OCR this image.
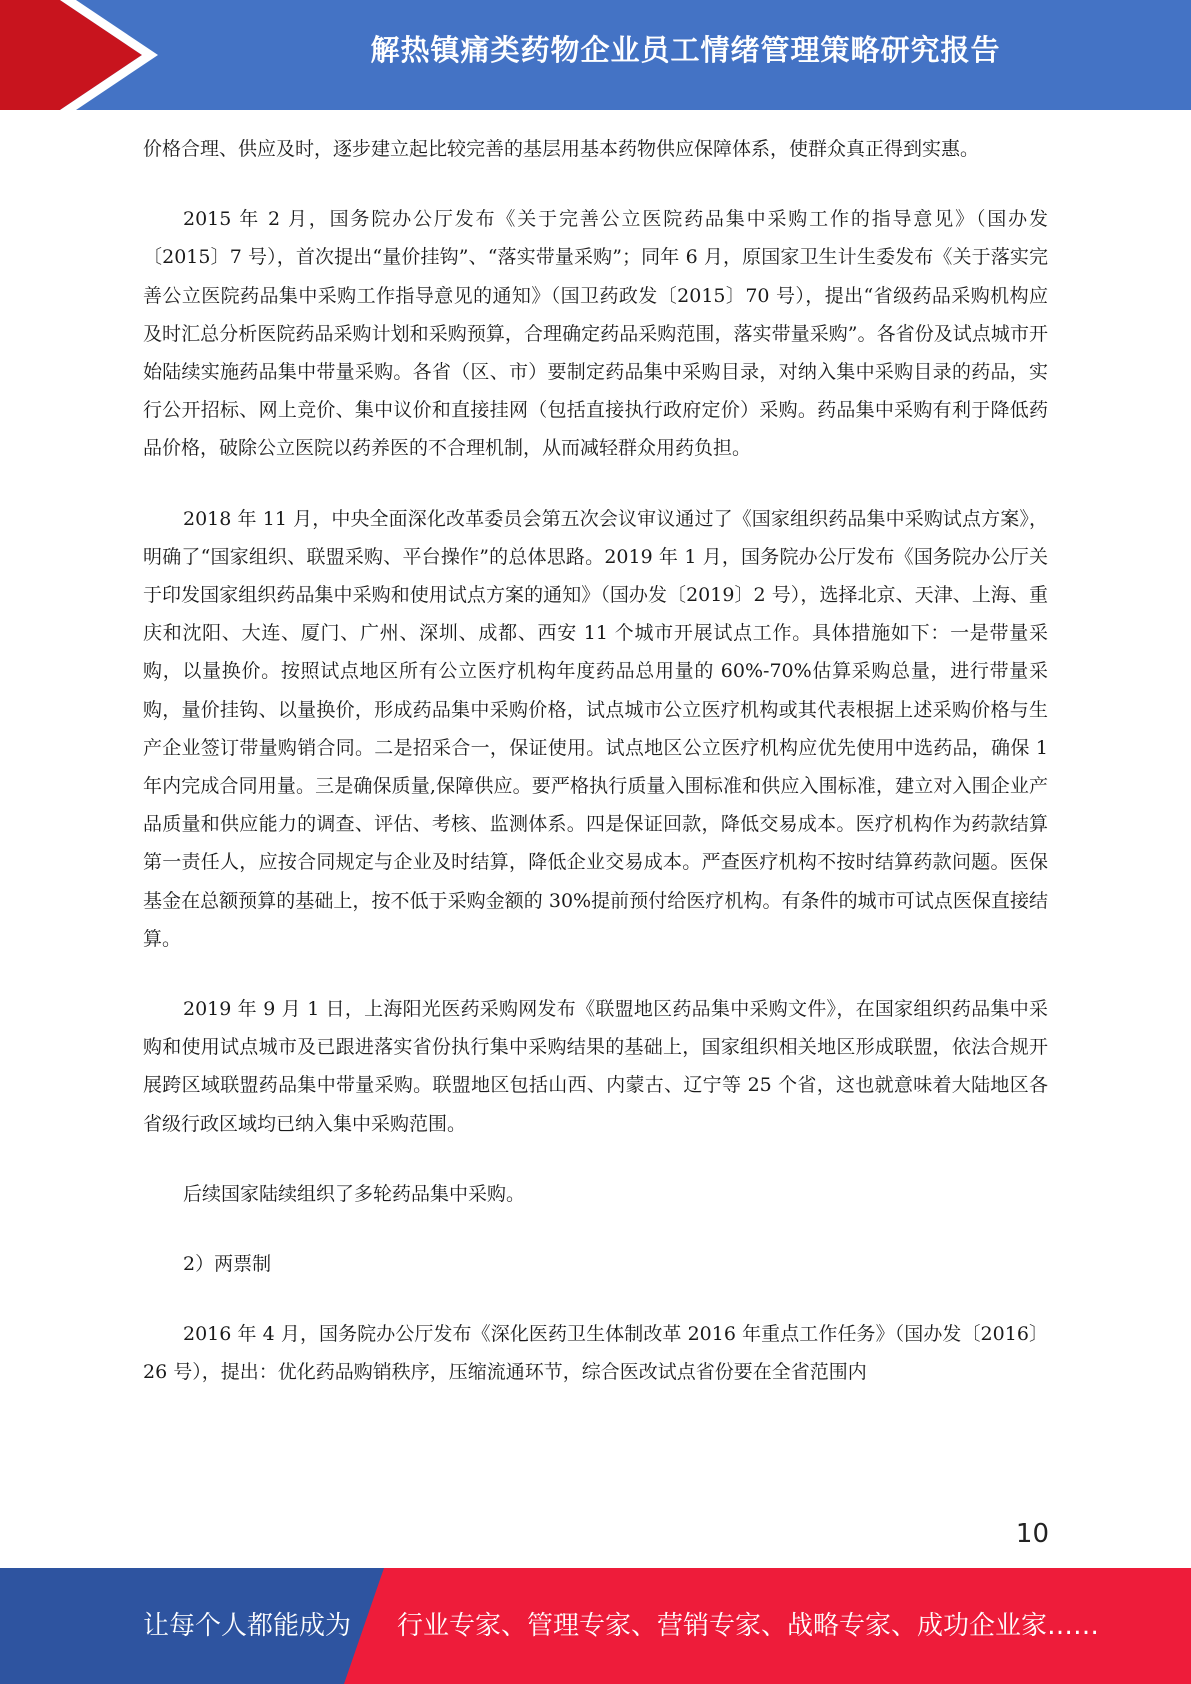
解热镇痛类药物企业员工情绪管理策略研究报告

价格合理、供应及时，逐步建立起比较完善的基层用基本药物供应保障体系，使群众真正得到实惠。

2015 年 2 月，国务院办公厅发布《关于完善公立医院药品集中采购工作的指导意见》（国办发〔2015〕7 号），首次提出“量价挂钩”、“落实带量采购”；同年 6 月，原国家卫生计生委发布《关于落实完善公立医院药品集中采购工作指导意见的通知》（国卫药政发〔2015〕70 号），提出“省级药品采购机构应及时汇总分析医院药品采购计划和采购预算，合理确定药品采购范围，落实带量采购”。各省份及试点城市开始陆续实施药品集中带量采购。各省（区、市）要制定药品集中采购目录，对纳入集中采购目录的药品，实行公开招标、网上竞价、集中议价和直接挂网（包括直接执行政府定价）采购。药品集中采购有利于降低药品价格，破除公立医院以药养医的不合理机制，从而减轻群众用药负担。

2018 年 11 月，中央全面深化改革委员会第五次会议审议通过了《国家组织药品集中采购试点方案》，明确了“国家组织、联盟采购、平台操作”的总体思路。2019 年 1 月，国务院办公厅发布《国务院办公厅关于印发国家组织药品集中采购和使用试点方案的通知》（国办发〔2019〕2 号），选择北京、天津、上海、重庆和沈阳、大连、厦门、广州、深圳、成都、西安 11 个城市开展试点工作。具体措施如下：一是带量采购，以量换价。按照试点地区所有公立医疗机构年度药品总用量的 60%-70%估算采购总量，进行带量采购，量价挂钩、以量换价，形成药品集中采购价格，试点城市公立医疗机构或其代表根据上述采购价格与生产企业签订带量购销合同。二是招采合一，保证使用。试点地区公立医疗机构应优先使用中选药品，确保 1 年内完成合同用量。三是确保质量,保障供应。要严格执行质量入围标准和供应入围标准，建立对入围企业产品质量和供应能力的调查、评估、考核、监测体系。四是保证回款，降低交易成本。医疗机构作为药款结算第一责任人，应按合同规定与企业及时结算，降低企业交易成本。严查医疗机构不按时结算药款问题。医保基金在总额预算的基础上，按不低于采购金额的 30%提前预付给医疗机构。有条件的城市可试点医保直接结算。

2019 年 9 月 1 日，上海阳光医药采购网发布《联盟地区药品集中采购文件》，在国家组织药品集中采购和使用试点城市及已跟进落实省份执行集中采购结果的基础上，国家组织相关地区形成联盟，依法合规开展跨区域联盟药品集中带量采购。联盟地区包括山西、内蒙古、辽宁等 25 个省，这也就意味着大陆地区各省级行政区域均已纳入集中采购范围。

后续国家陆续组织了多轮药品集中采购。

2）两票制

2016 年 4 月，国务院办公厅发布《深化医药卫生体制改革 2016 年重点工作任务》（国办发〔2016〕26 号），提出：优化药品购销秩序，压缩流通环节，综合医改试点省份要在全省范围内

10
让每个人都能成为 行业专家、管理专家、营销专家、战略专家、成功企业家……
